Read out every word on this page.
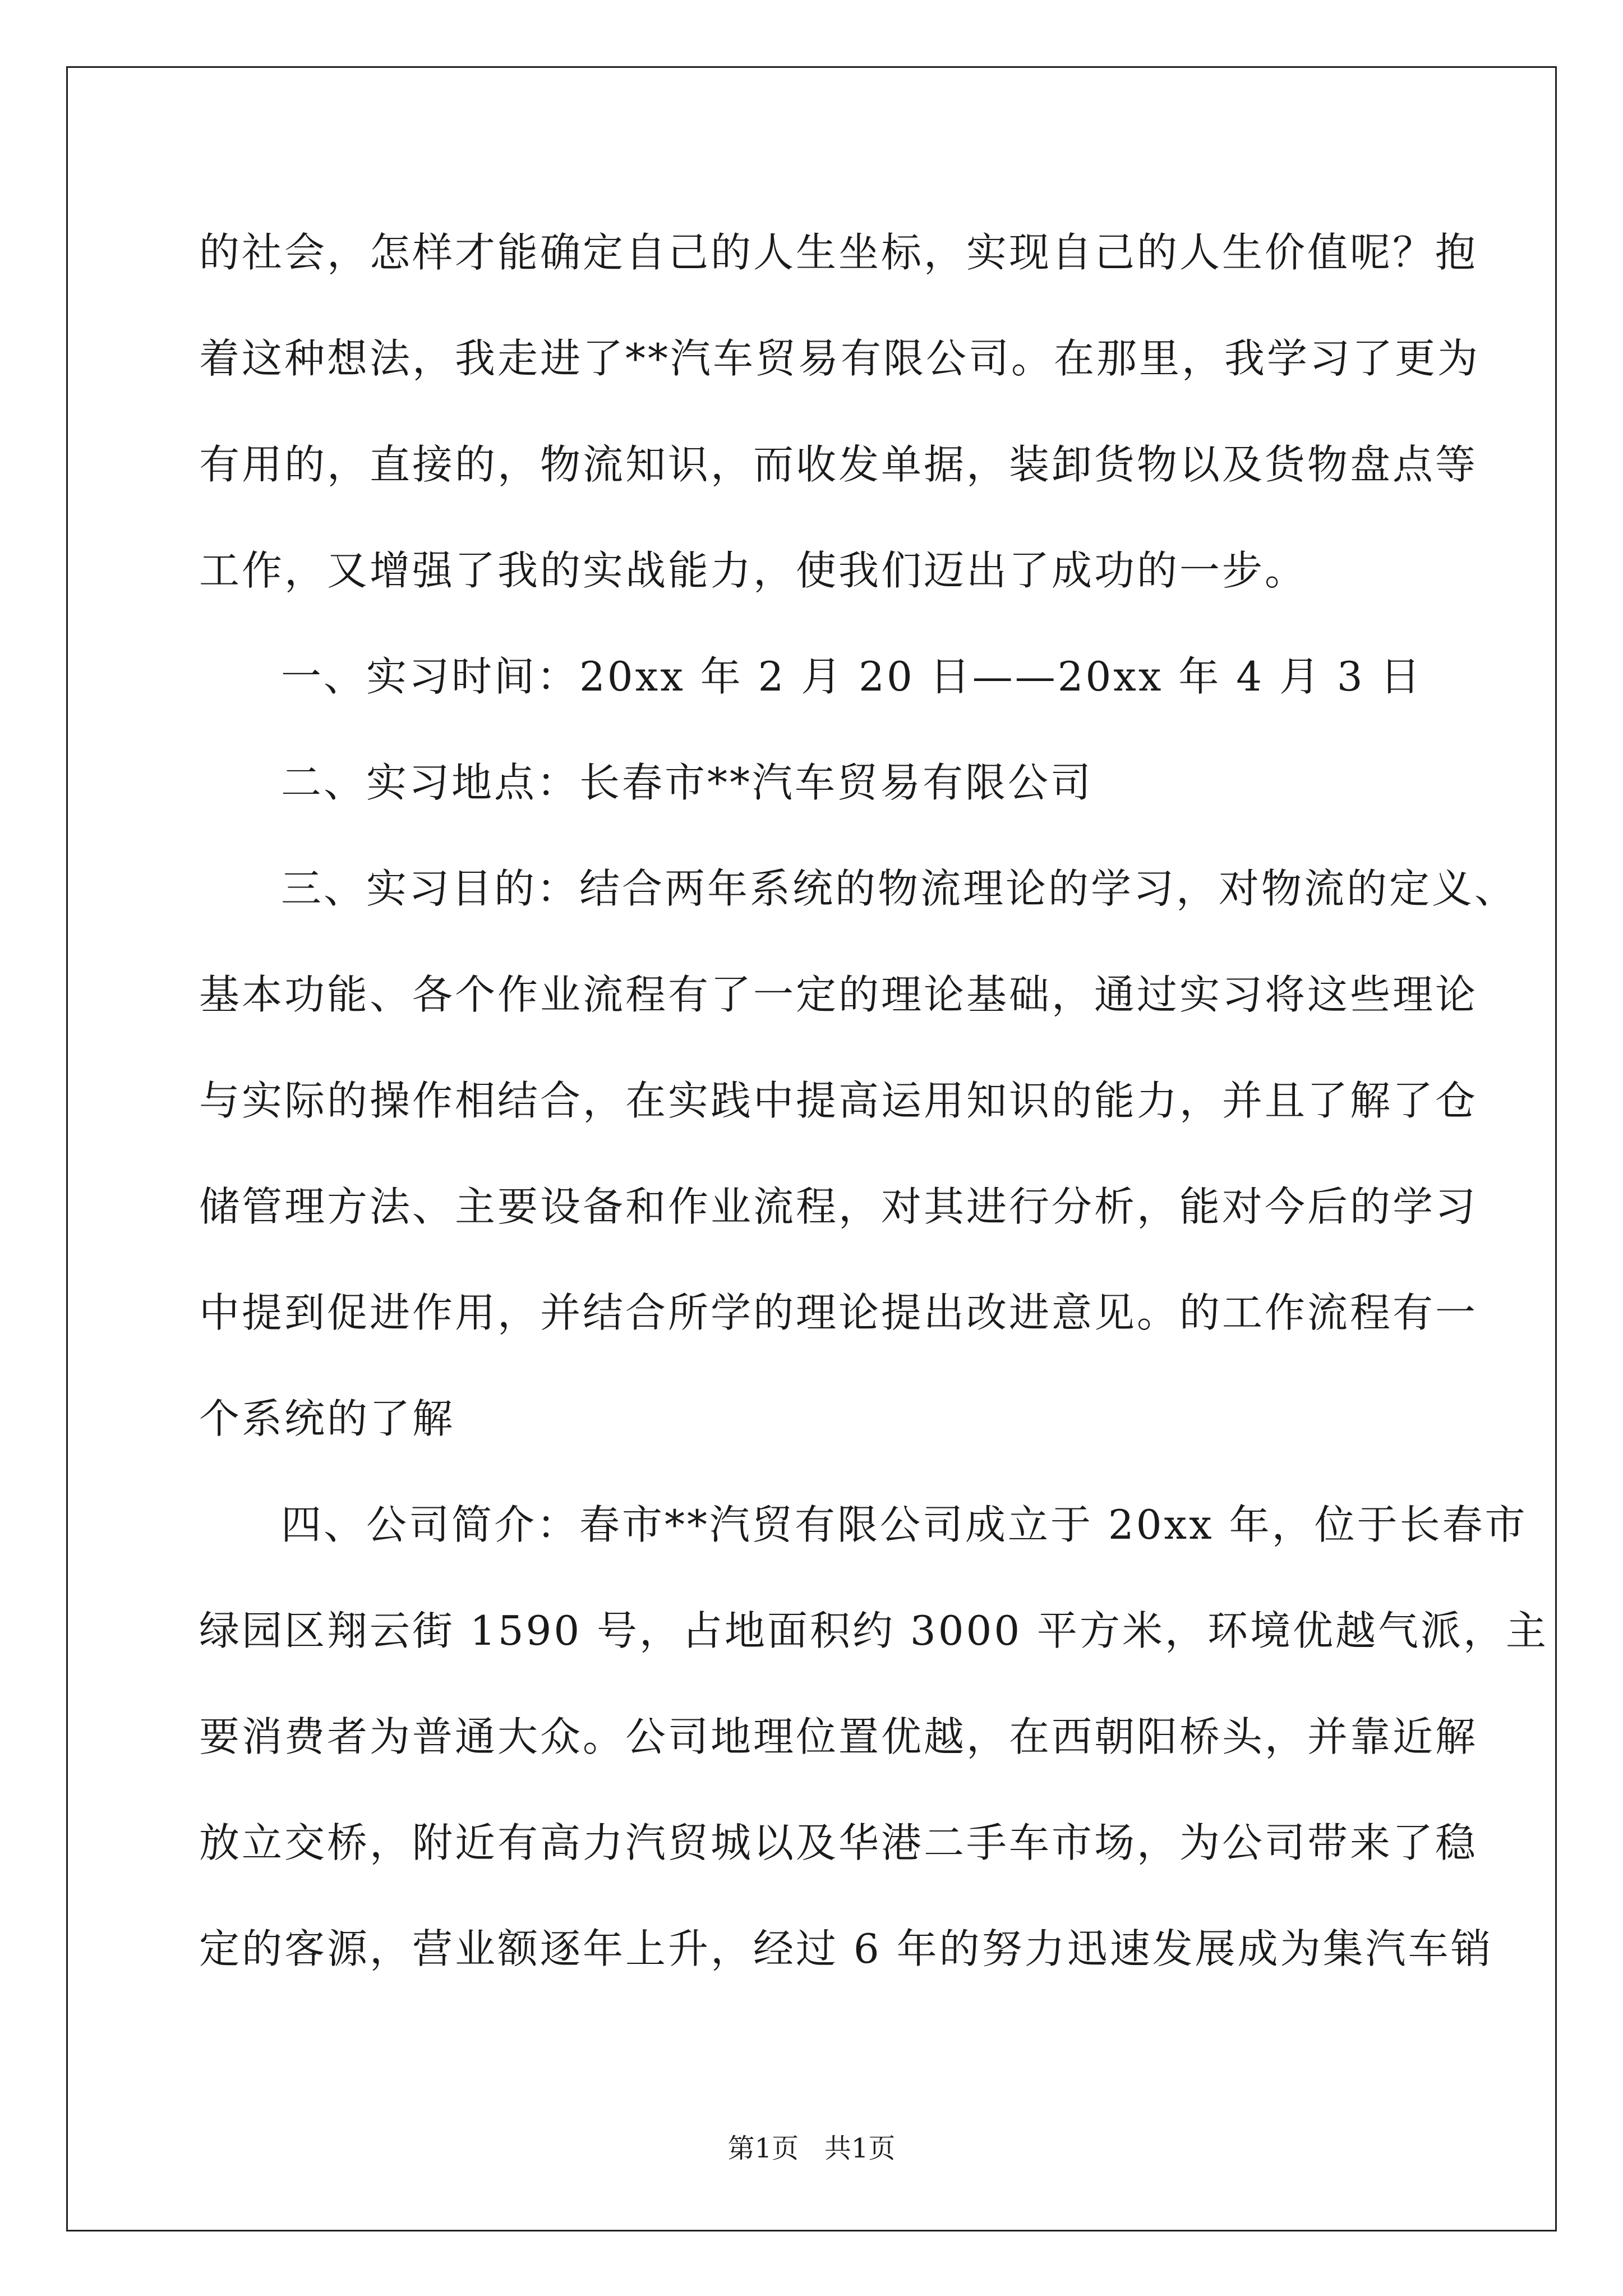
的社会，怎样才能确定自己的人生坐标，实现自己的人生价值呢？抱
着这种想法，我走进了**汽车贸易有限公司。在那里，我学习了更为
有用的，直接的，物流知识，而收发单据，装卸货物以及货物盘点等
工作，又增强了我的实战能力，使我们迈出了成功的一步。
一、实习时间：20xx 年 2 月 20 日——20xx 年 4 月 3 日
二、实习地点：长春市**汽车贸易有限公司
三、实习目的：结合两年系统的物流理论的学习，对物流的定义、
基本功能、各个作业流程有了一定的理论基础，通过实习将这些理论
与实际的操作相结合，在实践中提高运用知识的能力，并且了解了仓
储管理方法、主要设备和作业流程，对其进行分析，能对今后的学习
中提到促进作用，并结合所学的理论提出改进意见。的工作流程有一
个系统的了解
四、公司简介：春市**汽贸有限公司成立于 20xx 年，位于长春市
绿园区翔云街 1590 号，占地面积约 3000 平方米，环境优越气派，主
要消费者为普通大众。公司地理位置优越，在西朝阳桥头，并靠近解
放立交桥，附近有高力汽贸城以及华港二手车市场，为公司带来了稳
定的客源，营业额逐年上升，经过 6 年的努力迅速发展成为集汽车销
第1页   共1页
